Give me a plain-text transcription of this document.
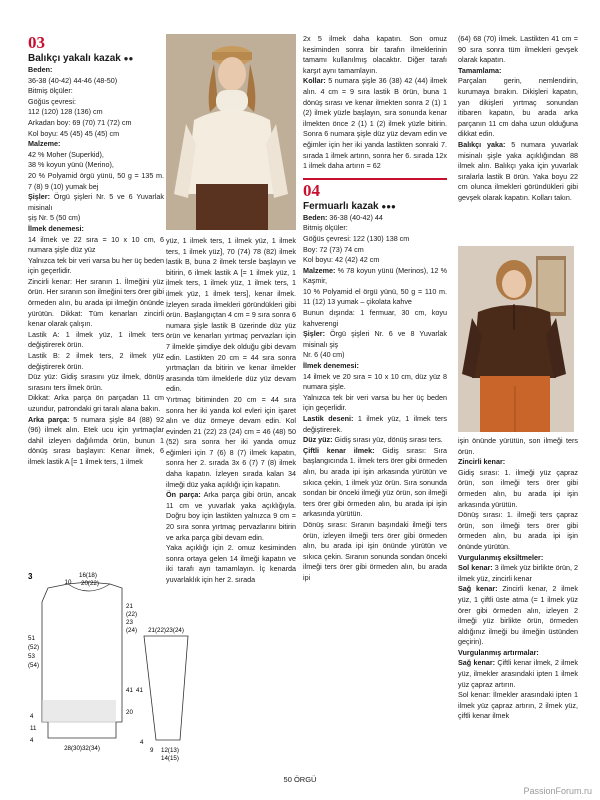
03
Balıkçı yakalı kazak ●●

Beden:

36-38 (40-42) 44-46 (48-50)

Bitmiş ölçüler:

Göğüs çevresi:

112 (120) 128 (136) cm

Arkadan boy: 69 (70) 71 (72) cm

Kol boyu: 45 (45) 45 (45) cm

Malzeme:

42 % Moher (Superkid),

38 % koyun yünü (Merino),

20 % Polyamid örgü yünü, 50 g = 135 m. 7 (8) 9 (10) yumak bej

Şişler: Örgü şişleri Nr. 5 ve 6 Yuvarlak misinalı

şiş Nr. 5 (50 cm)

İlmek denemesi:

14 ilmek ve 22 sıra = 10 x 10 cm, 6 numara şişle düz yüz

Yalnızca tek bir veri varsa bu her üç beden için geçerlidir.

Zincirli kenar: Her sıranın 1. İlmeğini yüz örün. Her sıranın son ilmeğini ters örer gibi örmeden alın, bu arada ipi ilmeğin önünde yürütün. Dikkat: Tüm kenarları zincirli kenar olarak çalışın.

Lastik A: 1 ilmek yüz, 1 ilmek ters değiştirerek örün.

Lastik B: 2 ilmek ters, 2 ilmek yüz değiştirerek örün.

Düz yüz: Gidiş sırasını yüz ilmek, dönüş sırasını ters ilmek örün.

Dikkat: Arka parça ön parçadan 11 cm uzundur, patrondaki gri taralı alana bakın.

Arka parça: 5 numara şişle 84 (88) 92 (96) ilmek alın. Etek ucu için yırtmaçlar dahil izleyen dağılımda örün, bunun 1 dönüş sırası başlayın: Kenar ilmek, 6 ilmek lastik A [= 1 ilmek ters, 1 ilmek

yüz, 1 ilmek ters, 1 ilmek yüz, 1 ilmek ters, 1 ilmek yüz], 70 (74) 78 (82) ilmek lastik B, buna 2 ilmek tersle başlayın ve bitirin, 6 ilmek lastik A [= 1 ilmek yüz, 1 ilmek ters, 1 ilmek yüz, 1 ilmek ters, 1 ilmek yüz, 1 ilmek ters], kenar ilmek. İzleyen sırada ilmekleri göründükleri gibi örün. Başlangıçtan 4 cm = 9 sıra sonra 6 numara şişle lastik B üzerinde düz yüz örün ve kenarları yırtmaç pervazları için 7 ilmekle şimdiye dek olduğu gibi devam edin. Lastikten 20 cm = 44 sıra sonra yırtmaçları da bitirin ve kenar ilmekler arasında tüm ilmeklerle düz yüz devam edin.

Yırtmaç bitiminden 20 cm = 44 sıra sonra her iki yanda kol evleri için işaret alın ve düz örmeye devam edin. Kol evinden 21 (22) 23 (24) cm = 46 (48) 50 (52) sıra sonra her iki yanda omuz eğimleri için 7 (6) 8 (7) ilmek kapatın, sonra her 2. sırada 3x 6 (7) 7 (8) ilmek daha kapatın. İzleyen sırada kalan 34 ilmeği düz yaka açıklığı için kapatın.

Ön parça: Arka parça gibi örün, ancak 11 cm ve yuvarlak yaka açıklığıyla. Doğru boy için lastikten yalnızca 9 cm = 20 sıra sonra yırtmaç pervazlarını bitirin ve arka parça gibi devam edin.

Yaka açıklığı için 2. omuz kesiminden sonra ortaya gelen 14 ilmeği kapatın ve iki tarafı ayrı tamamlayın. İç kenarda yuvarlaklık için her 2. sırada

2x 5 ilmek daha kapatın. Son omuz kesiminden sonra bir tarafın ilmeklerinin tamamı kullanılmış olacaktır. Diğer tarafı karşıt aynı tamamlayın.

Kollar: 5 numara şişle 36 (38) 42 (44) ilmek alın. 4 cm = 9 sıra lastik B örün, buna 1 dönüş sırası ve kenar ilmekten sonra 2 (1) 1 (2) ilmek yüzle başlayın, sıra sonunda kenar ilmekten önce 2 (1) 1 (2) ilmek yüzle bitirin. Sonra 6 numara şişle düz yüz devam edin ve eğimler için her iki yanda lastikten sonraki 7. sırada 1 ilmek artırın, sonra her 6. sırada 12x 1 ilmek daha artırın = 62

04
Fermuarlı kazak ●●●

Beden: 36-38 (40-42) 44

Bitmiş ölçüler:

Göğüs çevresi: 122 (130) 138 cm

Boy: 72 (73) 74 cm

Kol boyu: 42 (42) 42 cm

Malzeme: % 78 koyun yünü (Merinos), 12 % Kaşmir,

10 % Polyamid el örgü yünü, 50 g = 110 m. 11 (12) 13 yumak – çikolata kahve

Bunun dışında: 1 fermuar, 30 cm, koyu kahverengi

Şişler: Örgü şişleri Nr. 6 ve 8 Yuvarlak misinalı şiş

Nr. 6 (40 cm)

İlmek denemesi:

14 ilmek ve 20 sıra = 10 x 10 cm, düz yüz 8 numara şişle.

Yalnızca tek bir veri varsa bu her üç beden için geçerlidir.

Lastik deseni: 1 ilmek yüz, 1 ilmek ters değiştirerek.

Düz yüz: Gidiş sırası yüz, dönüş sırası ters.

Çiftli kenar ilmek: Gidiş sırası: Sıra başlangıcında 1. ilmek ters örer gibi örmeden alın, bu arada ipi işin arkasında yürütün ve sıkıca çekin, 1 ilmek yüz örün. Sıra sonunda sondan bir önceki ilmeği yüz örün, son ilmeği ters örer gibi örmeden alın, bu arada ipi işin arkasında yürütün.

Dönüş sırası: Sıranın başındaki ilmeği ters örün, izleyen ilmeği ters örer gibi örmeden alın, bu arada ipi işin önünde yürütün ve sıkıca çekin. Sıranın sonunda sondan önceki ilmeği ters örer gibi örmeden alın, bu arada ipi

(64) 68 (70) ilmek. Lastikten 41 cm = 90 sıra sonra tüm ilmekleri gevşek olarak kapatın.

Tamamlama:

Parçaları gerin, nemlendirin, kurumaya bırakın. Dikişleri kapatın, yan dikişleri yırtmaç sonundan itibaren kapatın, bu arada arka parçanın 11 cm daha uzun olduğuna dikkat edin.

Balıkçı yaka: 5 numara yuvarlak misinalı şişle yaka açıklığından 88 ilmek alın. Balıkçı yaka için yuvarlak sıralarla lastik B örün. Yaka boyu 22 cm olunca ilmekleri göründükleri gibi gevşek olarak kapatın. Kolları takın.

işin önünde yürütün, son ilmeği ters örün.

Zincirli kenar:

Gidiş sırası: 1. ilmeği yüz çapraz örün, son ilmeği ters örer gibi örmeden alın, bu arada ipi işin arkasında yürütün.

Dönüş sırası: 1. ilmeği ters çapraz örün, son ilmeği ters örer gibi örmeden alın, bu arada ipi işin önünde yürütün.

Vurgulanmış eksiltmeler:

Sol kenar: 3 ilmek yüz birlikte örün, 2 ilmek yüz, zincirli kenar

Sağ kenar: Zincirli kenar, 2 ilmek yüz, 1 çiftli üste atma (= 1 ilmek yüz örer gibi örmeden alın, izleyen 2 ilmeği yüz birlikte örün, örmeden aldığınız ilmeği bu ilmeğin üstünden geçirin).

Vurgulanmış artırmalar:

Sağ kenar: Çiftli kenar ilmek, 2 ilmek yüz, ilmekler arasındaki ipten 1 ilmek yüz çapraz artırın.

Sol kenar: İlmekler arasındaki ipten 1 ilmek yüz çapraz artırın, 2 ilmek yüz, çiftli kenar ilmek

3	16(18)
10 20(22)
21
(22)
23
(24)
51
(52)
53
(54)
41
20
4
11
4
28(30)32(34)
21(22)23(24)
4
9 12(13)
14(15)
41
50 ÖRGÜ
PassionForum.ru
